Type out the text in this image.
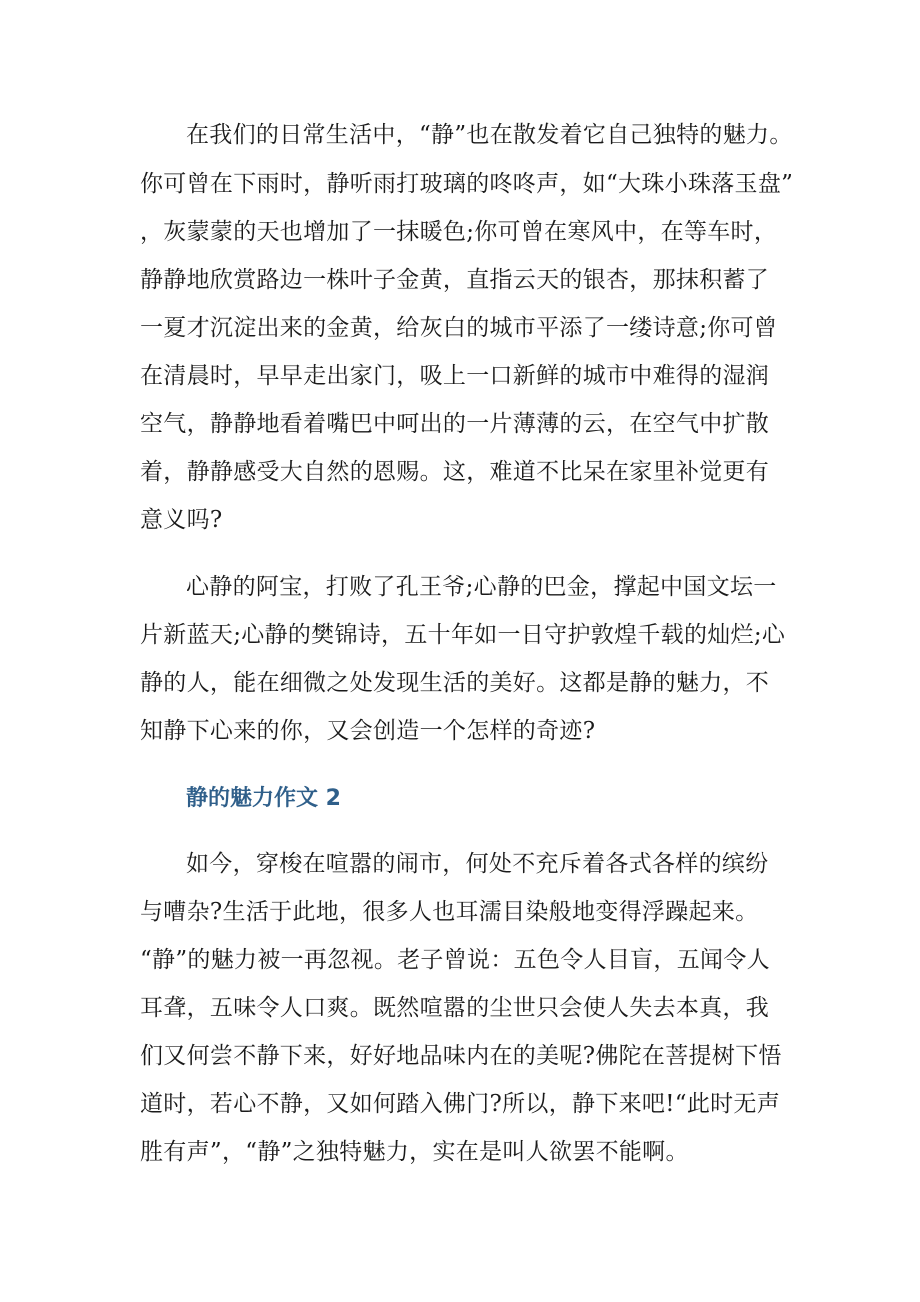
在我们的日常生活中，“静”也在散发着它自己独特的魅力。
你可曾在下雨时，静听雨打玻璃的咚咚声，如“大珠小珠落玉盘”
，灰蒙蒙的天也增加了一抹暖色;你可曾在寒风中，在等车时，
静静地欣赏路边一株叶子金黄，直指云天的银杏，那抹积蓄了
一夏才沉淀出来的金黄，给灰白的城市平添了一缕诗意;你可曾
在清晨时，早早走出家门，吸上一口新鲜的城市中难得的湿润
空气，静静地看着嘴巴中呵出的一片薄薄的云，在空气中扩散
着，静静感受大自然的恩赐。这，难道不比呆在家里补觉更有
意义吗?
心静的阿宝，打败了孔王爷;心静的巴金，撑起中国文坛一
片新蓝天;心静的樊锦诗，五十年如一日守护敦煌千载的灿烂;心
静的人，能在细微之处发现生活的美好。这都是静的魅力，不
知静下心来的你，又会创造一个怎样的奇迹?
静的魅力作文 2
如今，穿梭在喧嚣的闹市，何处不充斥着各式各样的缤纷
与嘈杂?生活于此地，很多人也耳濡目染般地变得浮躁起来。
“静”的魅力被一再忽视。老子曾说：五色令人目盲，五闻令人
耳聋，五味令人口爽。既然喧嚣的尘世只会使人失去本真，我
们又何尝不静下来，好好地品味内在的美呢?佛陀在菩提树下悟
道时，若心不静，又如何踏入佛门?所以，静下来吧!“此时无声
胜有声”，“静”之独特魅力，实在是叫人欲罢不能啊。
